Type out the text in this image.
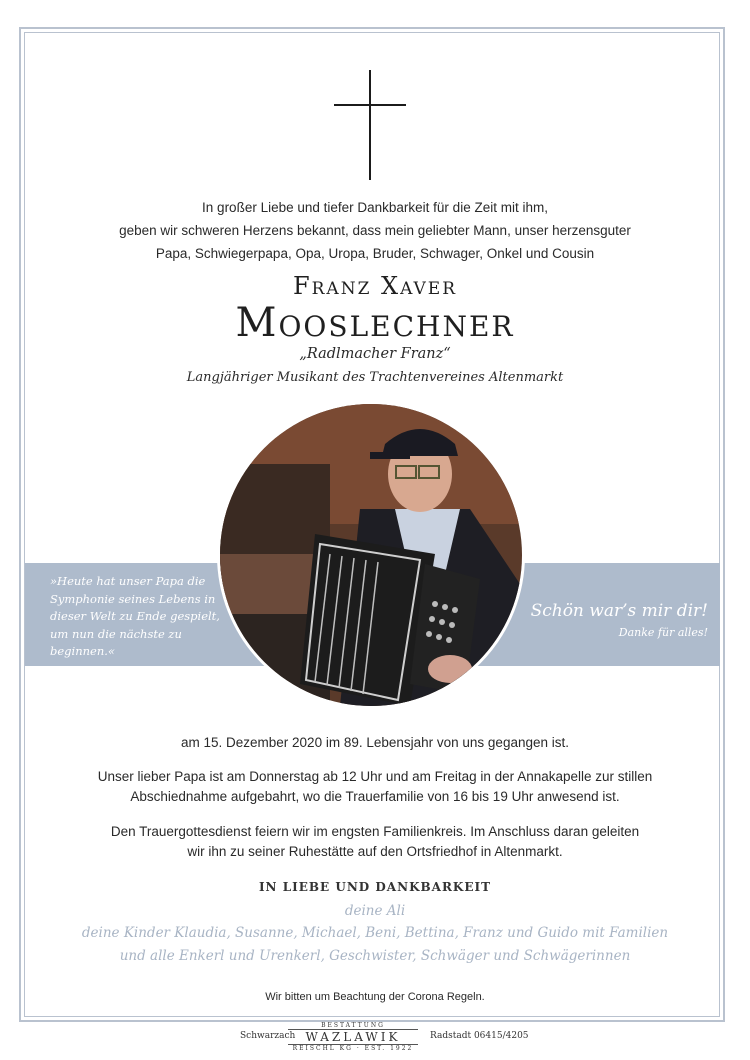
In großer Liebe und tiefer Dankbarkeit für die Zeit mit ihm,
geben wir schweren Herzens bekannt, dass mein geliebter Mann, unser herzensguter
Papa, Schwiegerpapa, Opa, Uropa, Bruder, Schwager, Onkel und Cousin
Franz Xaver
Mooslechner
„Radlmacher Franz“
Langjähriger Musikant des Trachtenvereines Altenmarkt
»Heute hat unser Papa die Symphonie seines Lebens in dieser Welt zu Ende gespielt, um nun die nächste zu beginnen.«
Schön war’s mir dir!
Danke für alles!
am 15. Dezember 2020 im 89. Lebensjahr von uns gegangen ist.
Unser lieber Papa ist am Donnerstag ab 12 Uhr und am Freitag in der Annakapelle zur stillen
Abschiednahme aufgebahrt, wo die Trauerfamilie von 16 bis 19 Uhr anwesend ist.
Den Trauergottesdienst feiern wir im engsten Familienkreis. Im Anschluss daran geleiten
wir ihn zu seiner Ruhestätte auf den Ortsfriedhof in Altenmarkt.
IN LIEBE UND DANKBARKEIT
deine Ali
deine Kinder Klaudia, Susanne, Michael, Beni, Bettina, Franz und Guido mit Familien
und alle Enkerl und Urenkerl, Geschwister, Schwäger und Schwägerinnen
Wir bitten um Beachtung der Corona Regeln.
Schwarzach
BESTATTUNG
WAZLAWIK
REISCHL KG · EST. 1922
Radstadt 06415/4205
